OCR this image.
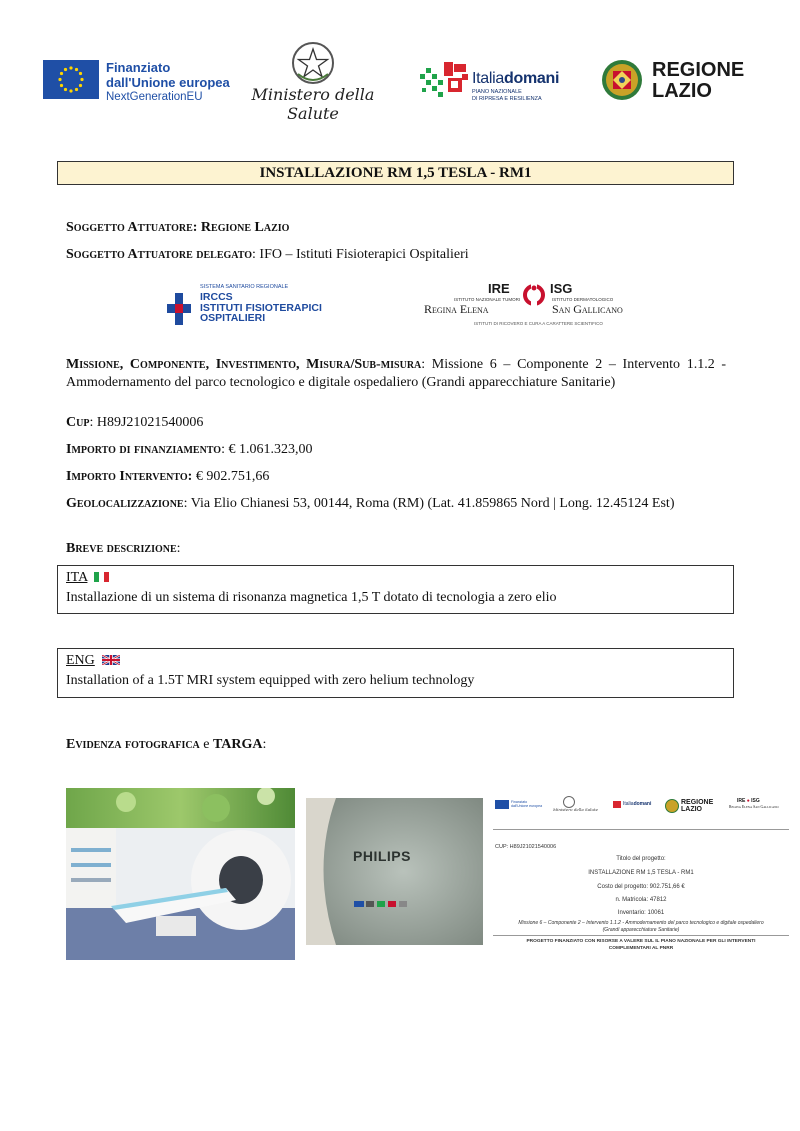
Finanziato
dall'Unione europea
NextGenerationEU	Ministero della Salute
Italiadomani
PIANO NAZIONALE
DI RIPRESA E RESILIENZA
REGIONE
LAZIO
INSTALLAZIONE RM 1,5 TESLA - RM1
Soggetto Attuatore: Regione Lazio
Soggetto Attuatore delegato: IFO – Istituti Fisioterapici Ospitalieri
SISTEMA SANITARIO REGIONALE
IRCCS
ISTITUTI FISIOTERAPICI
OSPITALIERI
IRE	ISG
ISTITUTO NAZIONALE TUMORI	ISTITUTO DERMATOLOGICO
Regina Elena	San Gallicano
ISTITUTI DI RICOVERO E CURA A CARATTERE SCIENTIFICO
Missione, Componente, Investimento, Misura/Sub-misura: Missione 6 – Componente 2 – Intervento 1.1.2 - Ammodernamento del parco tecnologico e digitale ospedaliero (Grandi apparecchiature Sanitarie)
Cup: H89J21021540006
Importo di finanziamento: € 1.061.323,00
Importo Intervento: € 902.751,66
Geolocalizzazione: Via Elio Chianesi 53, 00144, Roma (RM) (Lat. 41.859865 Nord | Long. 12.45124 Est)
Breve descrizione:
ITA
Installazione di un sistema di risonanza magnetica 1,5 T dotato di tecnologia a zero elio
ENG
Installation of a 1.5T MRI system equipped with zero helium technology
Evidenza fotografica e TARGA:
PHILIPS
Finanziato
dall'Unione europea
Ministero della Salute
Italiadomani	REGIONE
LAZIO
IRE ● ISG
Regina Elena San Gallicano
CUP: H89J21021540006
Titolo del progetto:
INSTALLAZIONE RM 1,5 TESLA - RM1
Costo del progetto: 902.751,66 €
n. Matricola: 47812
Inventario: 10061
Missione 6 – Componente 2 – Intervento 1.1.2 - Ammodernamento del parco tecnologico e digitale ospedaliero
(Grandi apparecchiature Sanitarie)
PROGETTO FINANZIATO CON RISORSE A VALERE SUL IL PIANO NAZIONALE PER GLI INTERVENTI
COMPLEMENTARI AL PNRR
